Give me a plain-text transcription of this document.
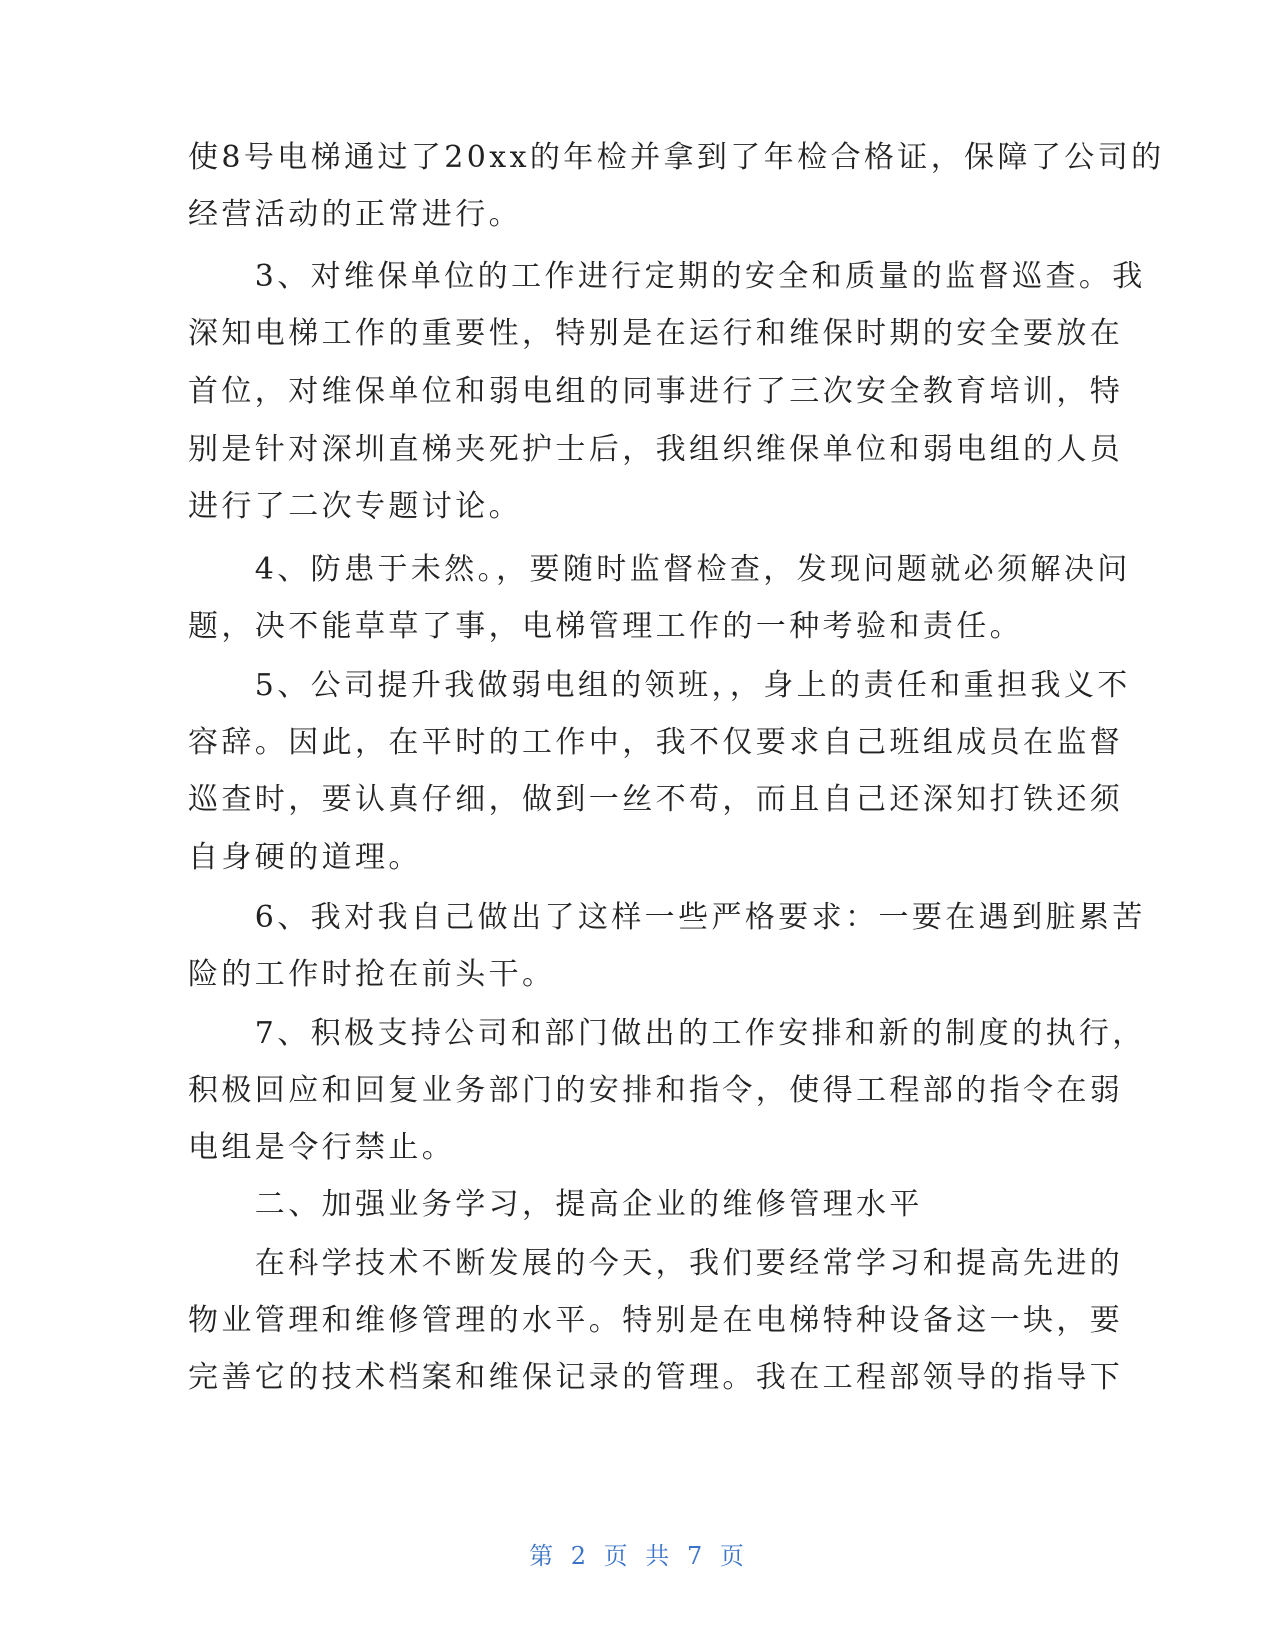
使8号电梯通过了20xx的年检并拿到了年检合格证，保障了公司的
经营活动的正常进行。
　　3、对维保单位的工作进行定期的安全和质量的监督巡查。我
深知电梯工作的重要性，特别是在运行和维保时期的安全要放在
首位，对维保单位和弱电组的同事进行了三次安全教育培训，特
别是针对深圳直梯夹死护士后，我组织维保单位和弱电组的人员
进行了二次专题讨论。
　　4、防患于未然。，要随时监督检查，发现问题就必须解决问
题，决不能草草了事，电梯管理工作的一种考验和责任。
　　5、公司提升我做弱电组的领班，，身上的责任和重担我义不
容辞。因此，在平时的工作中，我不仅要求自己班组成员在监督
巡查时，要认真仔细，做到一丝不苟，而且自己还深知打铁还须
自身硬的道理。
　　6、我对我自己做出了这样一些严格要求：一要在遇到脏累苦
险的工作时抢在前头干。
　　7、积极支持公司和部门做出的工作安排和新的制度的执行，
积极回应和回复业务部门的安排和指令，使得工程部的指令在弱
电组是令行禁止。
　　二、加强业务学习，提高企业的维修管理水平
　　在科学技术不断发展的今天，我们要经常学习和提高先进的
物业管理和维修管理的水平。特别是在电梯特种设备这一块，要
完善它的技术档案和维保记录的管理。我在工程部领导的指导下
第 2 页 共 7 页
